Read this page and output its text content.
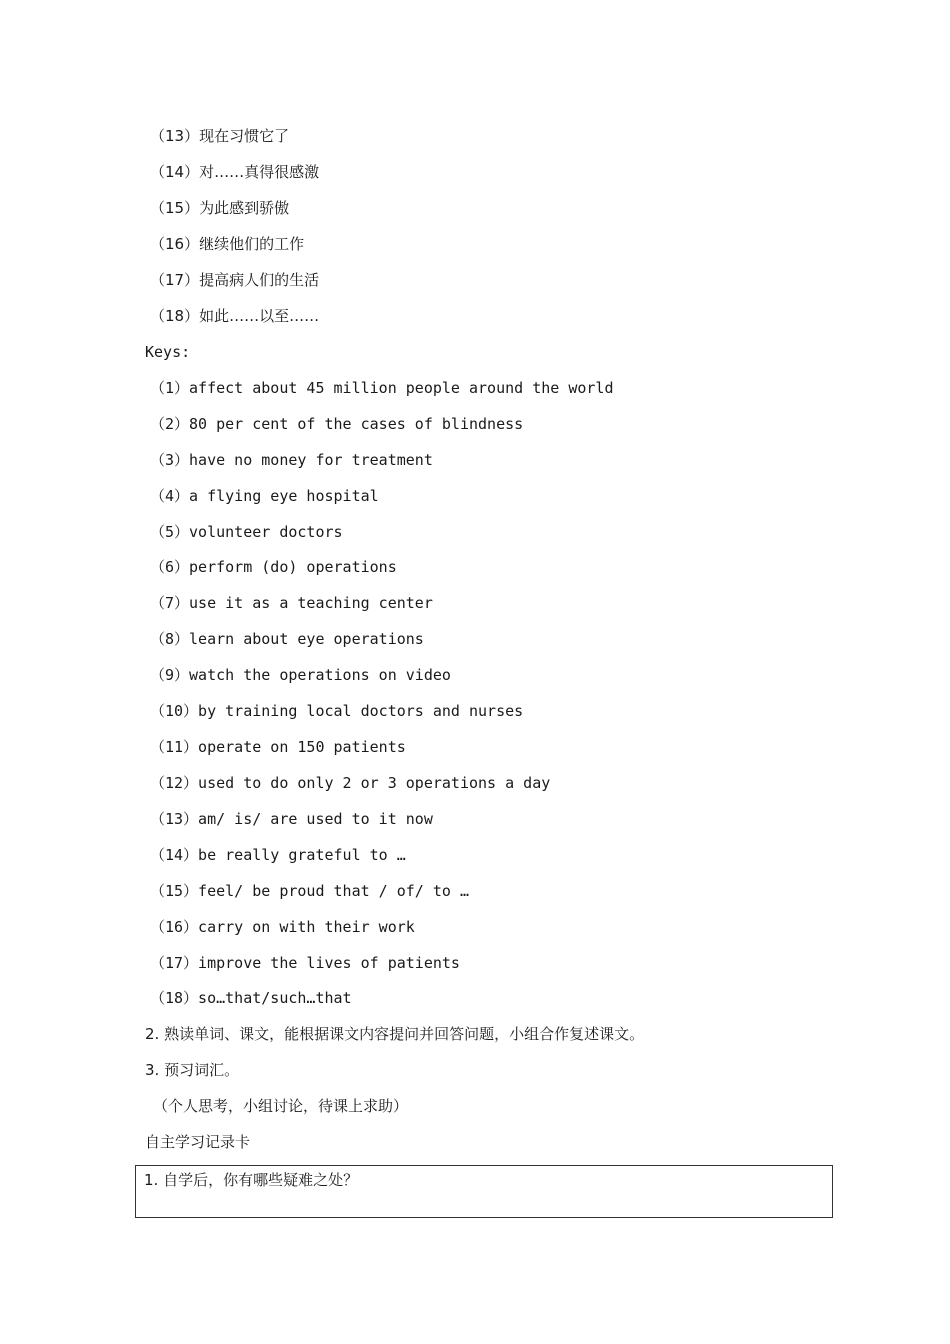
（13）现在习惯它了
（14）对……真得很感激
（15）为此感到骄傲
（16）继续他们的工作
（17）提高病人们的生活
（18）如此……以至……
Keys:
（1）affect about 45 million people around the world
（2）80 per cent of the cases of blindness
（3）have no money for treatment
（4）a flying eye hospital
（5）volunteer doctors
（6）perform (do) operations
（7）use it as a teaching center
（8）learn about eye operations
（9）watch the operations on video
（10）by training local doctors and nurses
（11）operate on 150 patients
（12）used to do only 2 or 3 operations a day
（13）am/ is/ are used to it now
（14）be really grateful to …
（15）feel/ be proud that / of/ to …
（16）carry on with their work
（17）improve the lives of patients
（18）so…that/such…that
2. 熟读单词、课文，能根据课文内容提问并回答问题，小组合作复述课文。
3. 预习词汇。
（个人思考，小组讨论，待课上求助）
自主学习记录卡
1. 自学后，你有哪些疑难之处？
